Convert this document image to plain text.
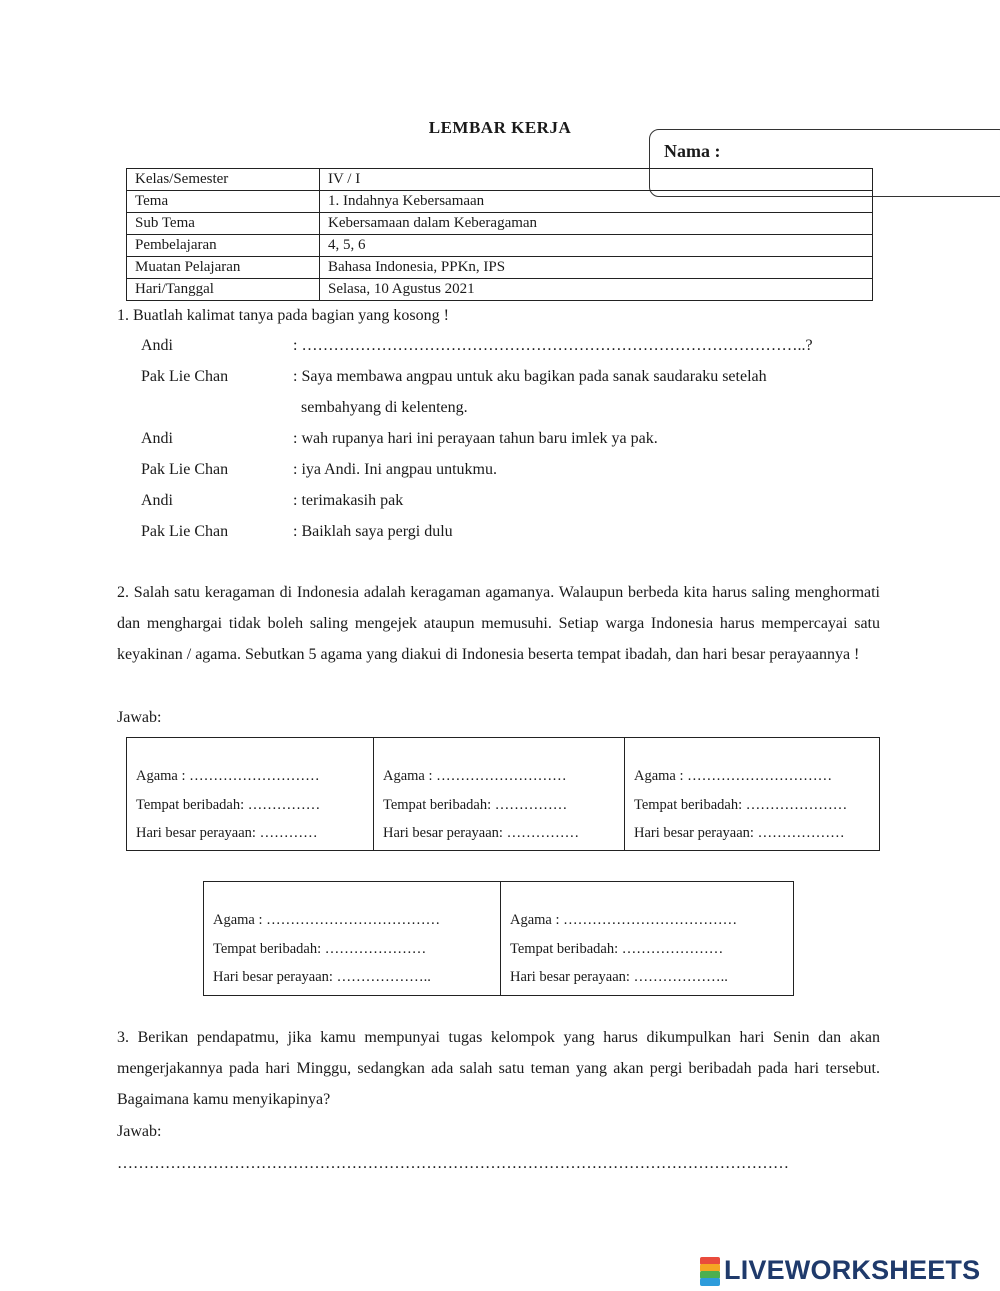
LEMBAR KERJA
Nama :
Kelas/Semester	IV / I
Tema	1. Indahnya Kebersamaan
Sub Tema	Kebersamaan dalam Keberagaman
Pembelajaran	4, 5, 6
Muatan Pelajaran	Bahasa Indonesia, PPKn, IPS
Hari/Tanggal	Selasa, 10 Agustus 2021
1. Buatlah kalimat tanya pada bagian yang kosong !
Andi	: …………………………………………………………………………………..?
Pak Lie Chan	: Saya membawa angpau untuk aku bagikan pada sanak saudaraku setelah
sembahyang di kelenteng.
Andi	: wah rupanya hari ini perayaan tahun baru imlek ya pak.
Pak Lie Chan	: iya Andi. Ini angpau untukmu.
Andi	: terimakasih pak
Pak Lie Chan	: Baiklah saya pergi dulu
2. Salah satu keragaman di Indonesia adalah keragaman agamanya. Walaupun berbeda kita harus saling menghormati dan menghargai tidak boleh saling mengejek ataupun memusuhi. Setiap warga Indonesia harus mempercayai satu keyakinan / agama. Sebutkan 5 agama yang diakui di Indonesia beserta tempat ibadah, dan hari besar perayaannya !
Jawab:
Agama : ………………………
Tempat beribadah: ……………
Hari besar perayaan: …………
Agama : ………………………
Tempat beribadah: ……………
Hari besar perayaan: ……………
Agama : …………………………
Tempat beribadah: …………………
Hari besar perayaan: ………………
Agama : ………………………………
Tempat beribadah: …………………
Hari besar perayaan: ………………..
Agama : ………………………………
Tempat beribadah: …………………
Hari besar perayaan: ………………..
3. Berikan pendapatmu, jika kamu mempunyai tugas kelompok yang harus dikumpulkan hari Senin dan akan mengerjakannya pada hari Minggu, sedangkan ada salah satu teman yang akan pergi beribadah pada hari tersebut. Bagaimana kamu menyikapinya?
Jawab:
………………………………………………………………………………………………………………
LIVEWORKSHEETS
